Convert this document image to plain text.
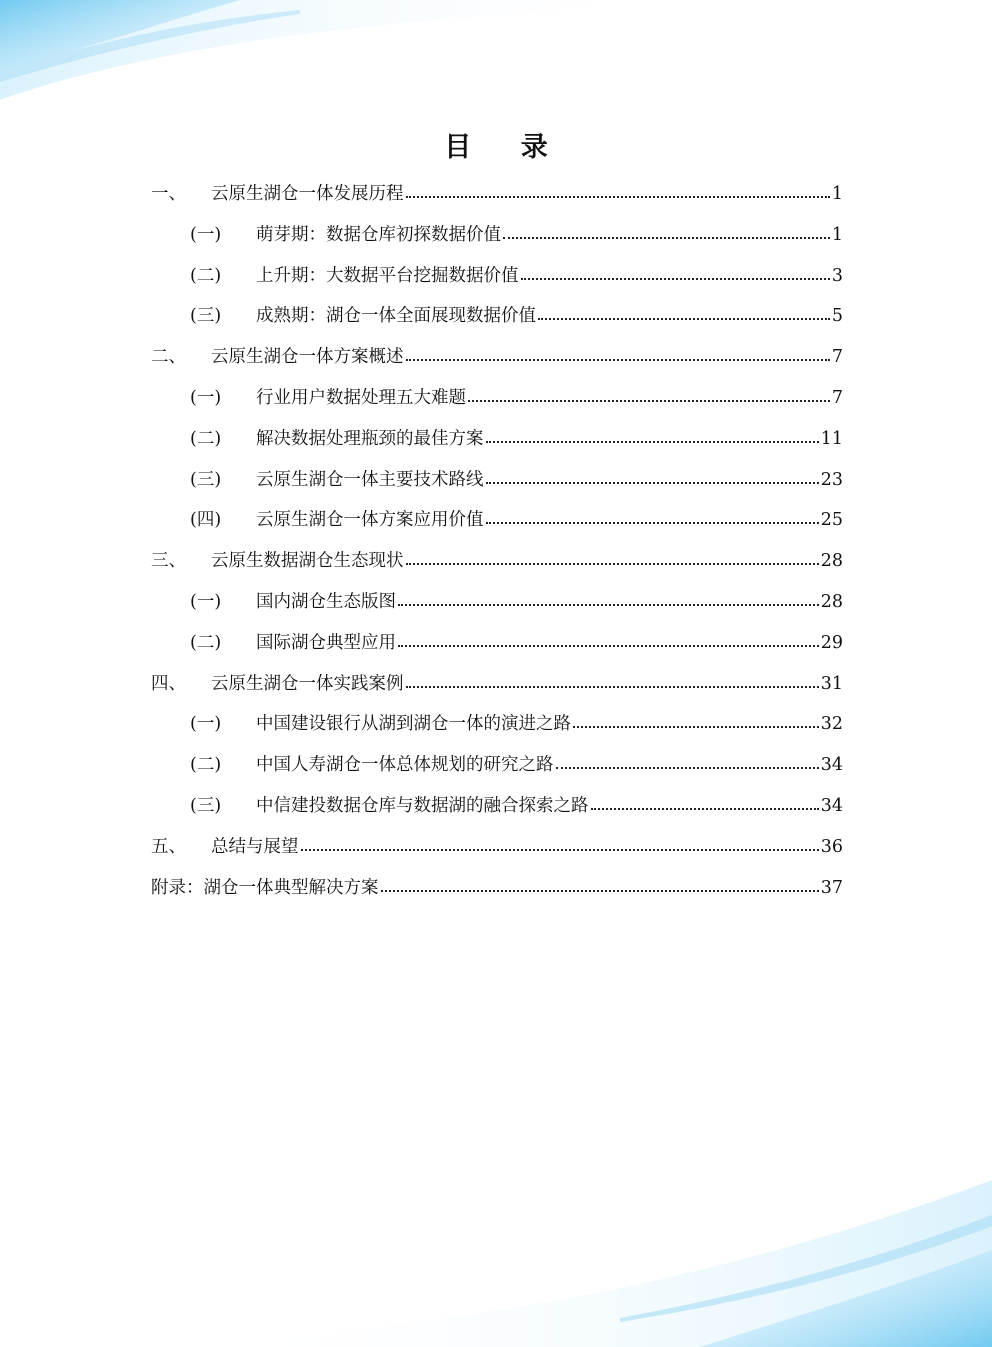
目 录
一、	云原生湖仓一体发展历程	1
(一)	萌芽期：数据仓库初探数据价值	1
(二)	上升期：大数据平台挖掘数据价值	3
(三)	成熟期：湖仓一体全面展现数据价值	5
二、	云原生湖仓一体方案概述	7
(一)	行业用户数据处理五大难题	7
(二)	解决数据处理瓶颈的最佳方案	11
(三)	云原生湖仓一体主要技术路线	23
(四)	云原生湖仓一体方案应用价值	25
三、	云原生数据湖仓生态现状	28
(一)	国内湖仓生态版图	28
(二)	国际湖仓典型应用	29
四、	云原生湖仓一体实践案例	31
(一)	中国建设银行从湖到湖仓一体的演进之路	32
(二)	中国人寿湖仓一体总体规划的研究之路	34
(三)	中信建投数据仓库与数据湖的融合探索之路	34
五、	总结与展望	36
附录：湖仓一体典型解决方案	37
